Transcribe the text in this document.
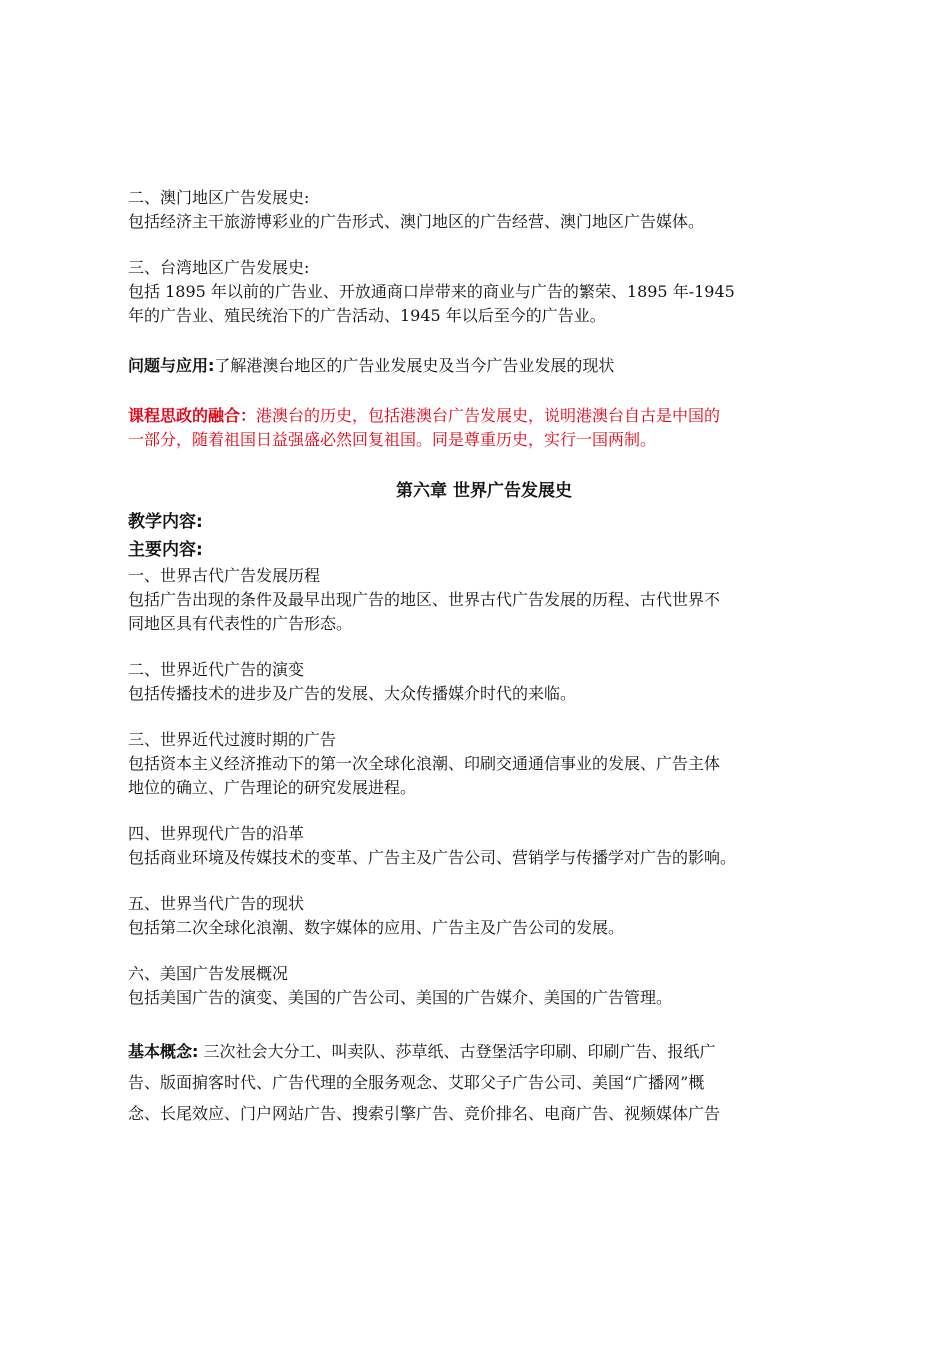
二、澳门地区广告发展史:

包括经济主干旅游博彩业的广告形式、澳门地区的广告经营、澳门地区广告媒体。

三、台湾地区广告发展史:

包括 1895 年以前的广告业、开放通商口岸带来的商业与广告的繁荣、1895 年-1945

年的广告业、殖民统治下的广告活动、1945 年以后至今的广告业。

问题与应用:了解港澳台地区的广告业发展史及当今广告业发展的现状

课程思政的融合：港澳台的历史，包括港澳台广告发展史，说明港澳台自古是中国的

一部分，随着祖国日益强盛必然回复祖国。同是尊重历史，实行一国两制。

第六章 世界广告发展史

教学内容:

主要内容:

一、世界古代广告发展历程

包括广告出现的条件及最早出现广告的地区、世界古代广告发展的历程、古代世界不

同地区具有代表性的广告形态。

二、世界近代广告的演变

包括传播技术的进步及广告的发展、大众传播媒介时代的来临。

三、世界近代过渡时期的广告

包括资本主义经济推动下的第一次全球化浪潮、印刷交通通信事业的发展、广告主体

地位的确立、广告理论的研究发展进程。

四、世界现代广告的沿革

包括商业环境及传媒技术的变革、广告主及广告公司、营销学与传播学对广告的影响。

五、世界当代广告的现状

包括第二次全球化浪潮、数字媒体的应用、广告主及广告公司的发展。

六、美国广告发展概况

包括美国广告的演变、美国的广告公司、美国的广告媒介、美国的广告管理。

基本概念: 三次社会大分工、叫卖队、莎草纸、古登堡活字印刷、印刷广告、报纸广

告、版面掮客时代、广告代理的全服务观念、艾耶父子广告公司、美国“广播网”概

念、长尾效应、门户网站广告、搜索引擎广告、竞价排名、电商广告、视频媒体广告
